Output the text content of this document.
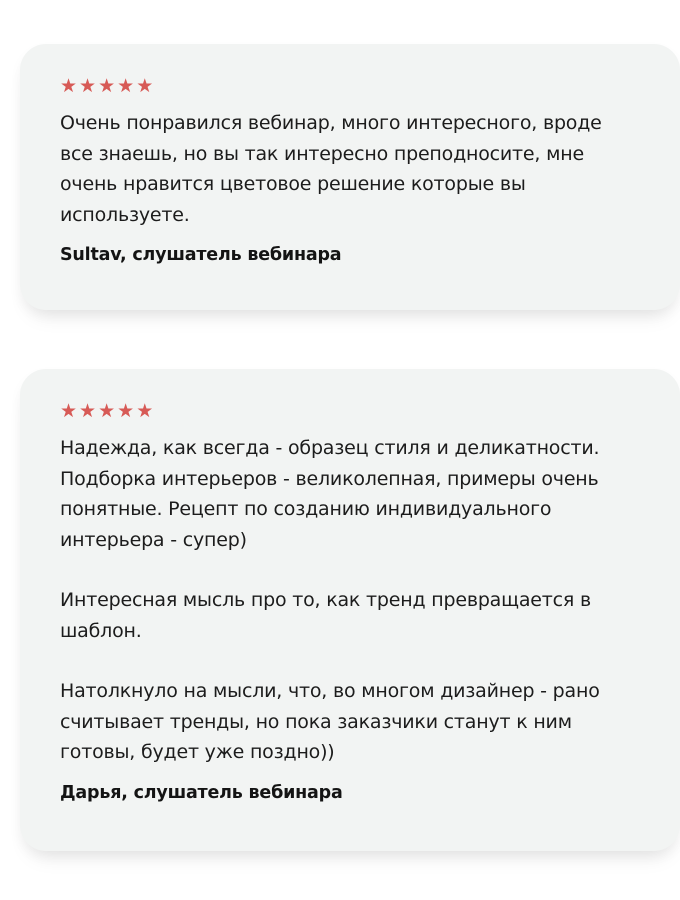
★ ★ ★ ★ ★

Очень понравился вебинар, много интересного, вроде все знаешь, но вы так интересно преподносите, мне очень нравится цветовое решение которые вы используете.

Sultav, слушатель вебинара
★ ★ ★ ★ ★

Надежда, как всегда - образец стиля и деликатности. Подборка интерьеров - великолепная, примеры очень понятные. Рецепт по созданию индивидуального интерьера - супер)

Интересная мысль про то, как тренд превращается в шаблон.

Натолкнуло на мысли, что, во многом дизайнер - рано считывает тренды, но пока заказчики станут к ним готовы, будет уже поздно))

Дарья, слушатель вебинара
